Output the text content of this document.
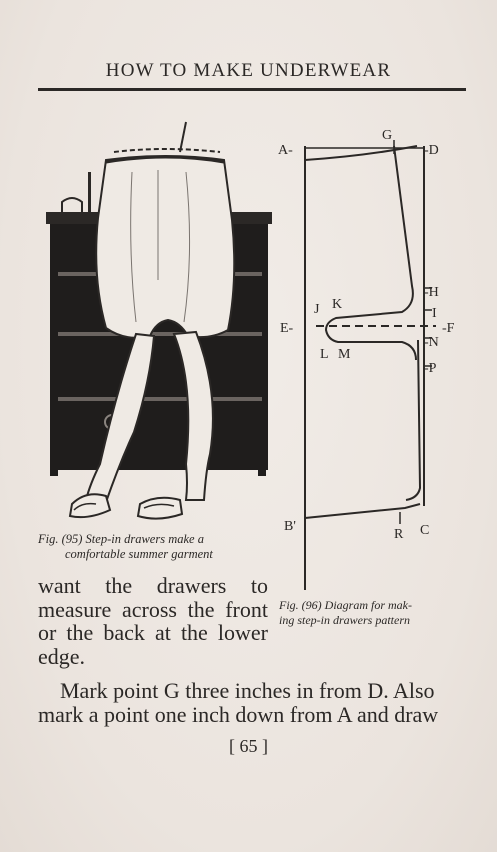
HOW TO MAKE UNDERWEAR
G
A-	-D
-H
I
J K
E-	-F
-N
L M
-P
B'
R C
Fig. (95) Step-in drawers make a
comfortable summer garment
Fig. (96) Diagram for mak-
ing step-in drawers pattern
want the drawers to
measure across the front
or the back at the lower
edge.
Mark point G three inches in from D. Also
mark a point one inch down from A and draw
[ 65 ]
